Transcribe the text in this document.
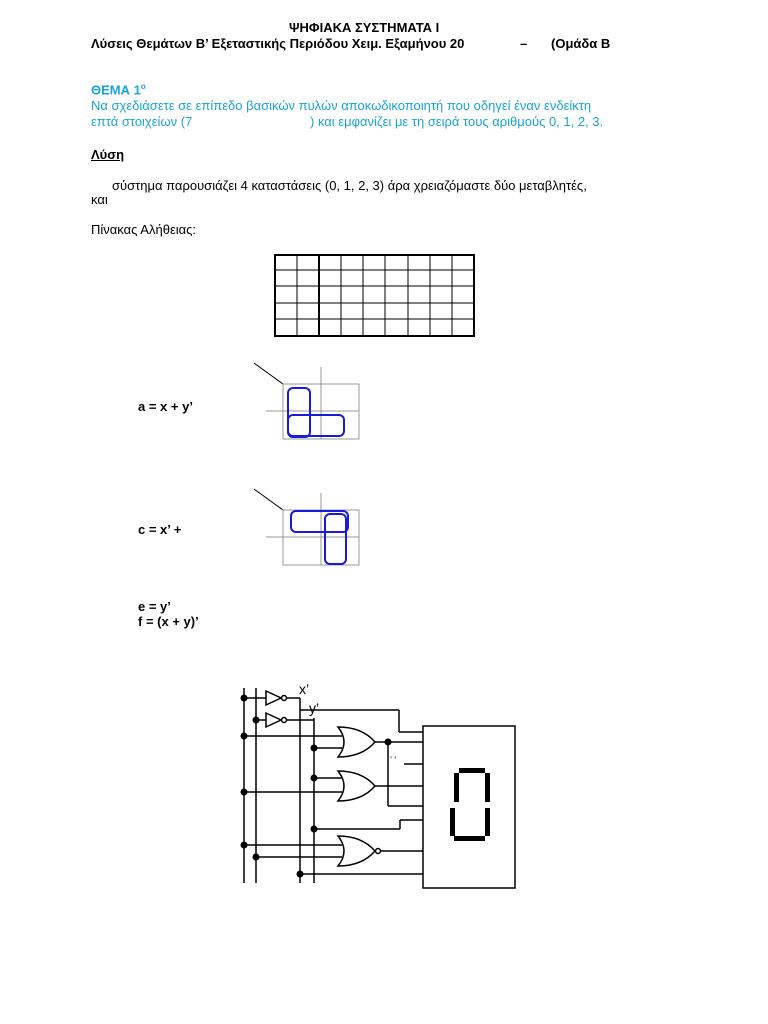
ΨΗΦΙΑΚΑ ΣΥΣΤΗΜΑΤΑ Ι
Λύσεις Θεμάτων Β’ Εξεταστικής Περιόδου Χειμ. Εξαμήνου 20	– (Ομάδα Β
ΘΕΜΑ $1^o$
Να σχεδιάσετε σε επίπεδο βασικών πυλών αποκωδικοποιητή που οδηγεί έναν ενδείκτη
επτά στοιχείων (7	) και εμφανίζει με τη σειρά τους αριθμούς 0, 1, 2, 3.
Λύση
σύστημα παρουσιάζει 4 καταστάσεις (0, 1, 2, 3) άρα χρειαζόμαστε δύο μεταβλητές,
και
Πίνακας Αλήθειας:
a = x + y’
c = x’ +
e = y’
f = (x + y)’
x’
y’
’ ’
